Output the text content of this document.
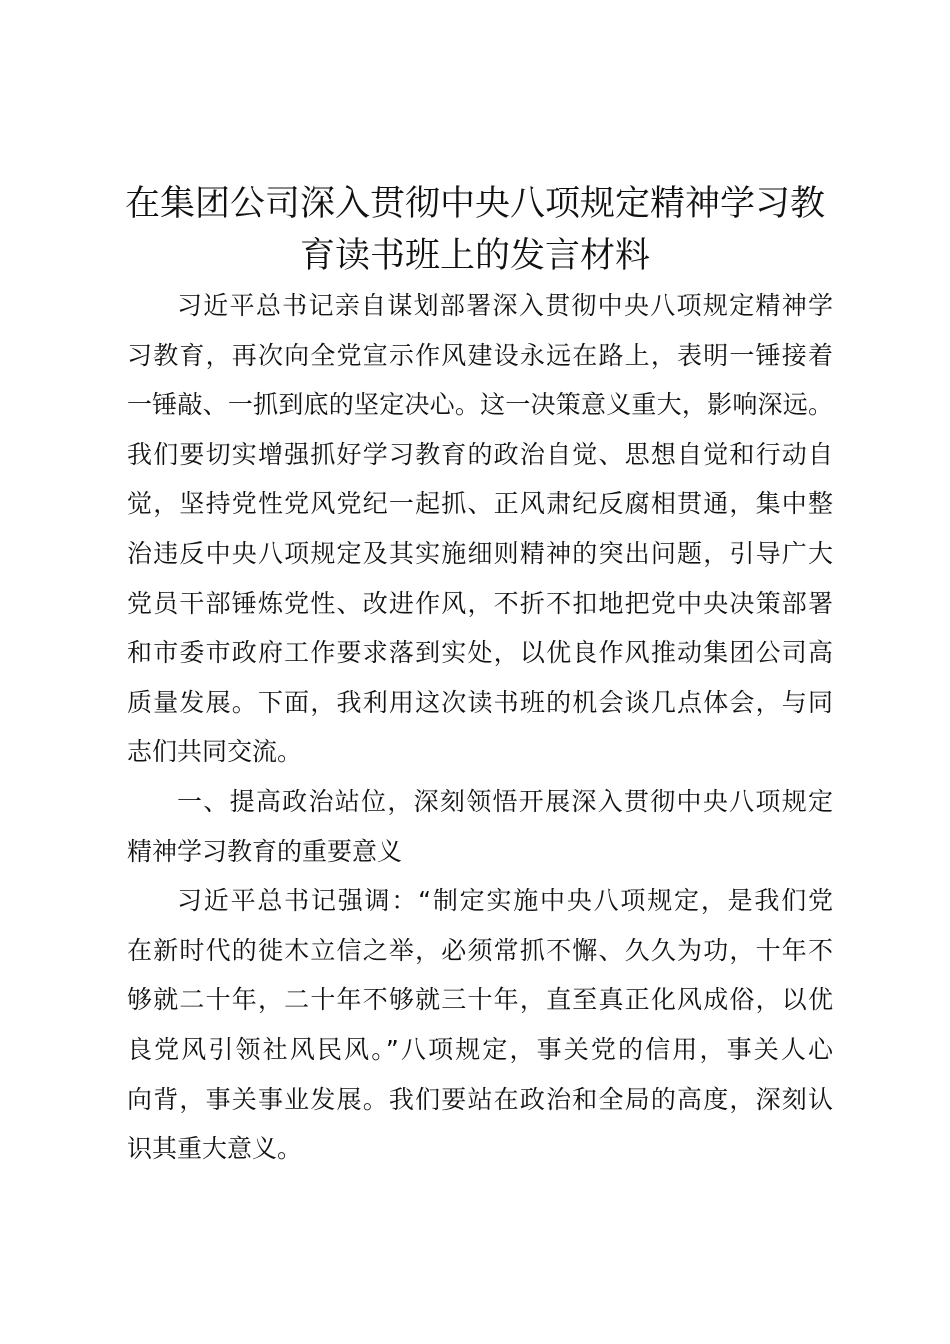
在集团公司深入贯彻中央八项规定精神学习教
育读书班上的发言材料

习近平总书记亲自谋划部署深入贯彻中央八项规定精神学
习教育，再次向全党宣示作风建设永远在路上，表明一锤接着
一锤敲、一抓到底的坚定决心。这一决策意义重大，影响深远。
我们要切实增强抓好学习教育的政治自觉、思想自觉和行动自
觉，坚持党性党风党纪一起抓、正风肃纪反腐相贯通，集中整
治违反中央八项规定及其实施细则精神的突出问题，引导广大
党员干部锤炼党性、改进作风，不折不扣地把党中央决策部署
和市委市政府工作要求落到实处，以优良作风推动集团公司高
质量发展。下面，我利用这次读书班的机会谈几点体会，与同
志们共同交流。

一、提高政治站位，深刻领悟开展深入贯彻中央八项规定
精神学习教育的重要意义

习近平总书记强调：“制定实施中央八项规定，是我们党
在新时代的徙木立信之举，必须常抓不懈、久久为功，十年不
够就二十年，二十年不够就三十年，直至真正化风成俗，以优
良党风引领社风民风。”八项规定，事关党的信用，事关人心
向背，事关事业发展。我们要站在政治和全局的高度，深刻认
识其重大意义。
